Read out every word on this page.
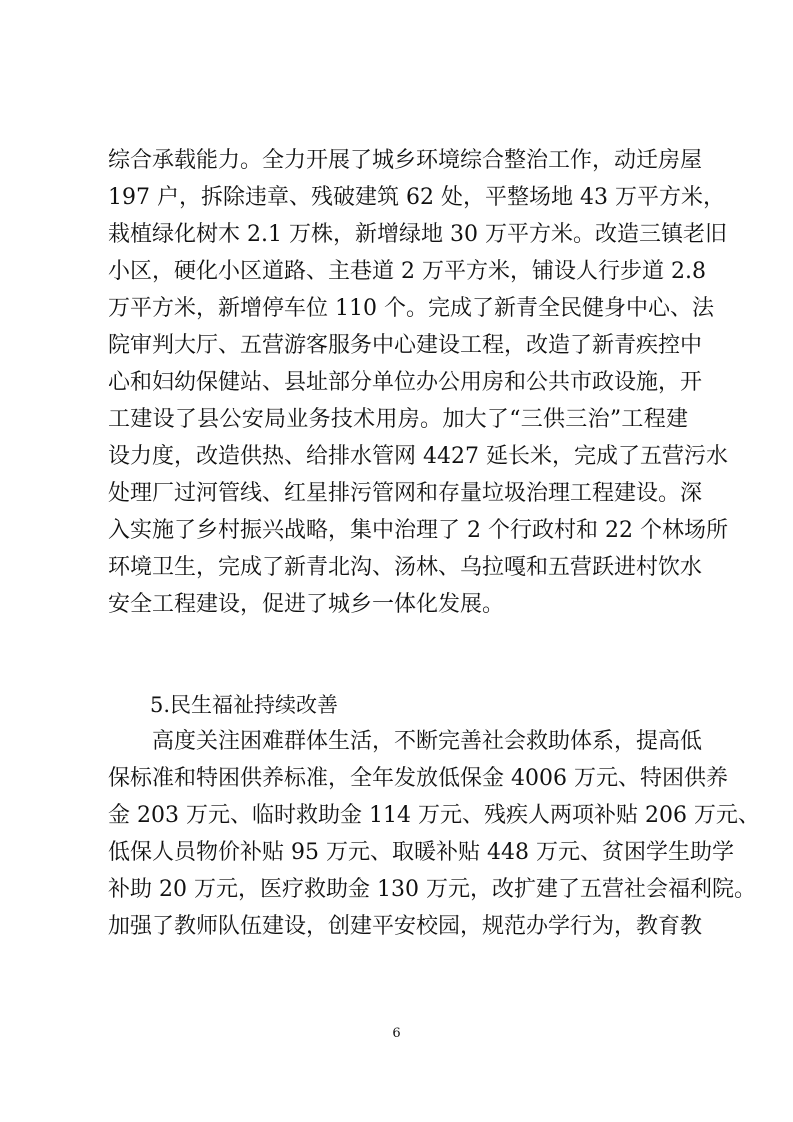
综合承载能力。全力开展了城乡环境综合整治工作，动迁房屋
197 户，拆除违章、残破建筑 62 处，平整场地 43 万平方米，
栽植绿化树木 2.1 万株，新增绿地 30 万平方米。改造三镇老旧
小区，硬化小区道路、主巷道 2 万平方米，铺设人行步道 2.8
万平方米，新增停车位 110 个。完成了新青全民健身中心、法
院审判大厅、五营游客服务中心建设工程，改造了新青疾控中
心和妇幼保健站、县址部分单位办公用房和公共市政设施，开
工建设了县公安局业务技术用房。加大了“三供三治”工程建
设力度，改造供热、给排水管网 4427 延长米，完成了五营污水
处理厂过河管线、红星排污管网和存量垃圾治理工程建设。深
入实施了乡村振兴战略，集中治理了 2 个行政村和 22 个林场所
环境卫生，完成了新青北沟、汤林、乌拉嘎和五营跃进村饮水
安全工程建设，促进了城乡一体化发展。
5.民生福祉持续改善
高度关注困难群体生活，不断完善社会救助体系，提高低
保标准和特困供养标准，全年发放低保金 4006 万元、特困供养
金 203 万元、临时救助金 114 万元、残疾人两项补贴 206 万元、
低保人员物价补贴 95 万元、取暖补贴 448 万元、贫困学生助学
补助 20 万元，医疗救助金 130 万元，改扩建了五营社会福利院。
加强了教师队伍建设，创建平安校园，规范办学行为，教育教
6
